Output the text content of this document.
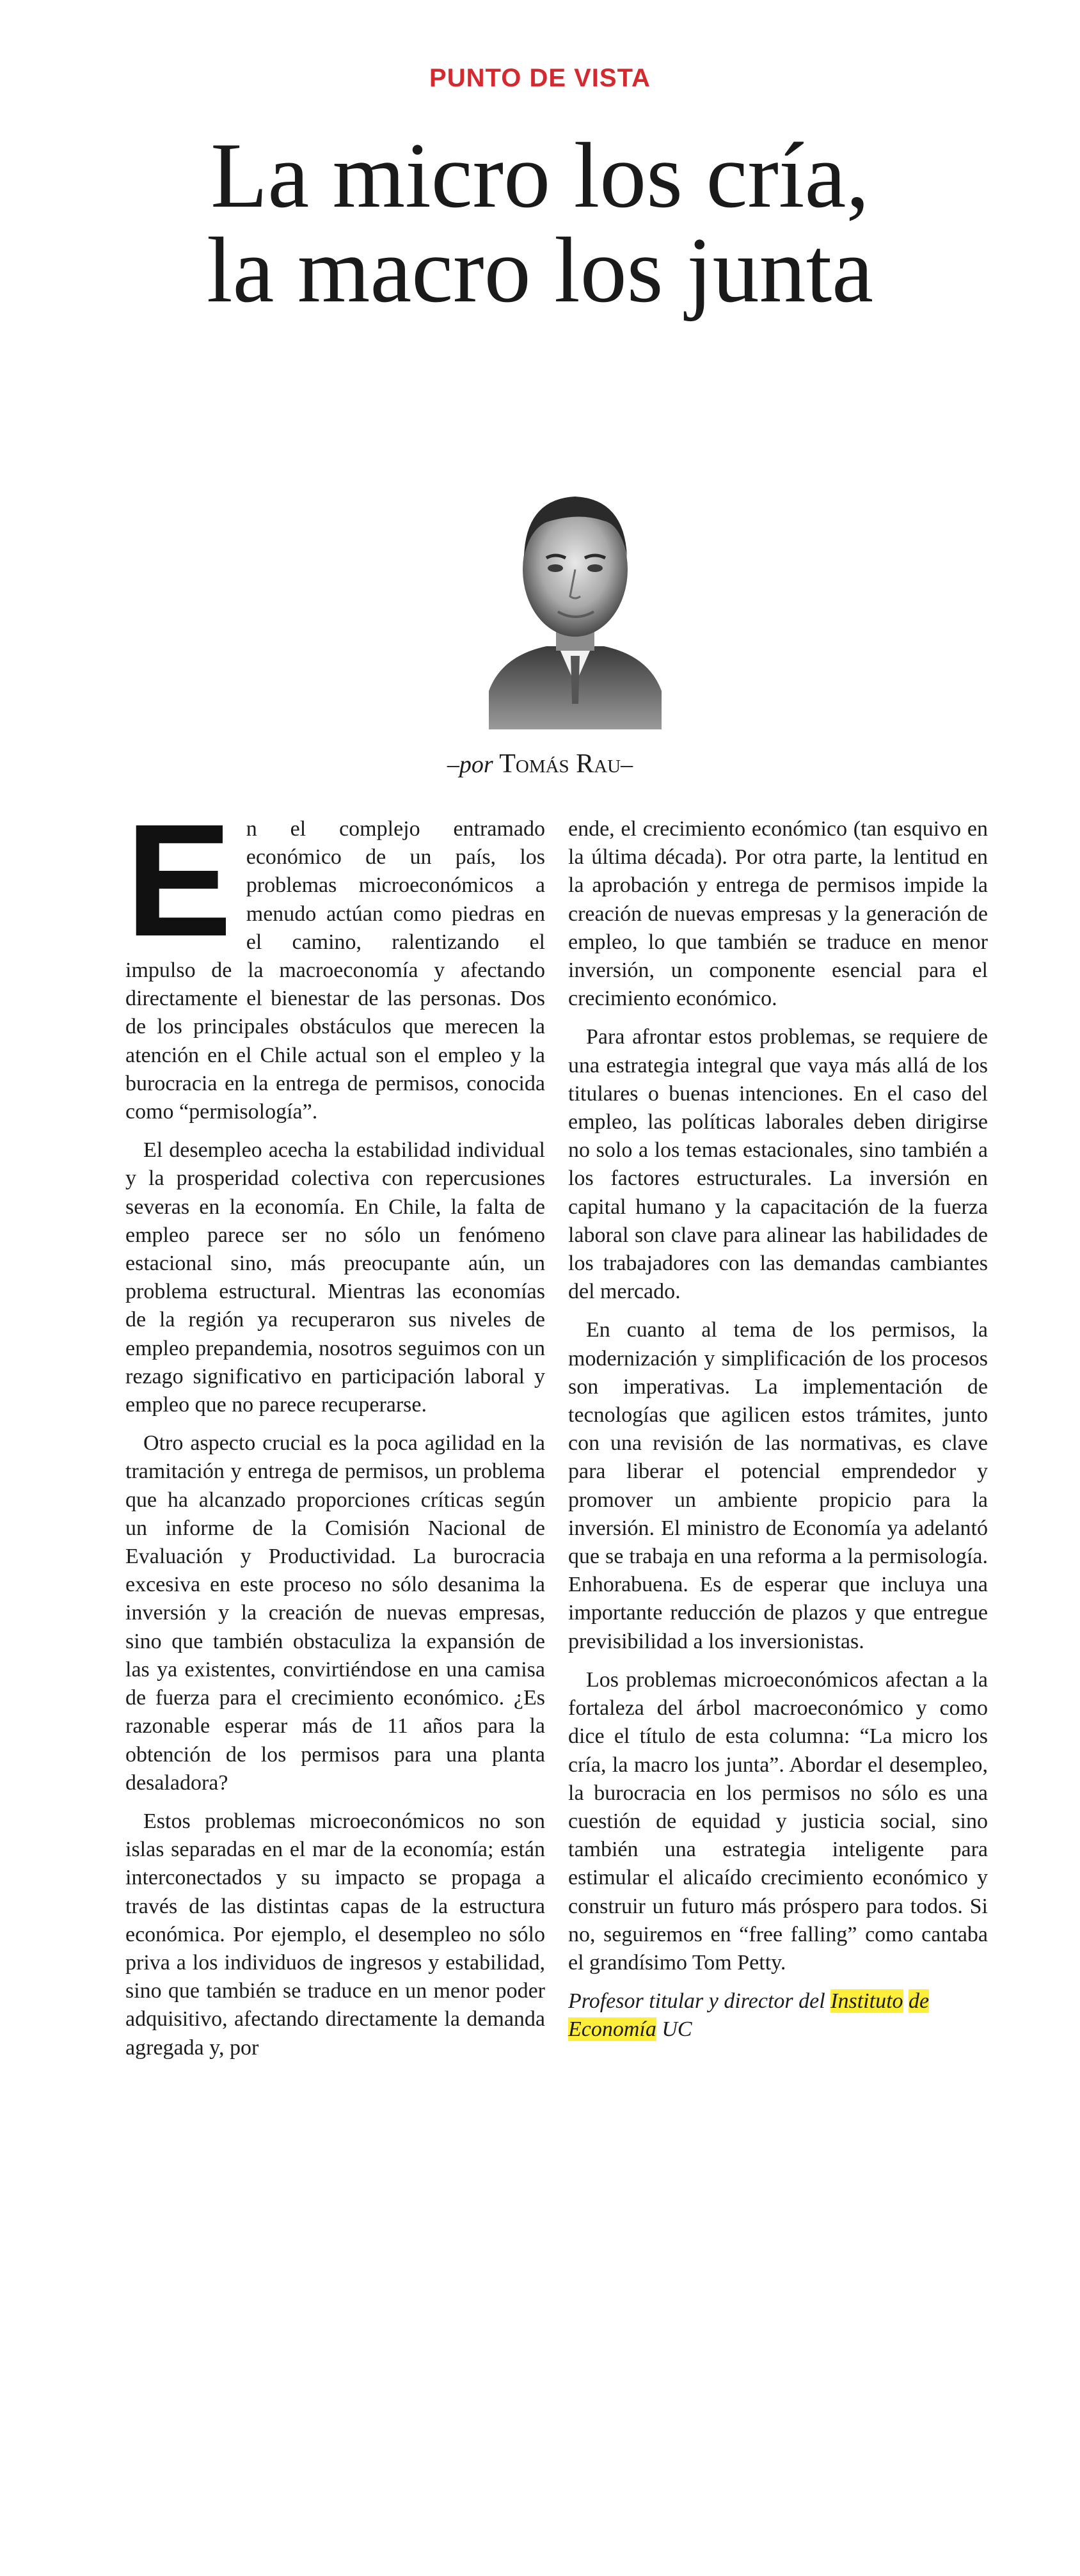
PUNTO DE VISTA
La micro los cría,
la macro los junta
–por Tomás Rau–

En el complejo entramado económico de un país, los problemas microeconómicos a menudo actúan como piedras en el camino, ralentizando el impulso de la macroeconomía y afectando directamente el bienestar de las personas. Dos de los principales obstáculos que merecen la atención en el Chile actual son el empleo y la burocracia en la entrega de permisos, conocida como “permisología”.

El desempleo acecha la estabilidad individual y la prosperidad colectiva con repercusiones severas en la economía. En Chile, la falta de empleo parece ser no sólo un fenómeno estacional sino, más preocupante aún, un problema estructural. Mientras las economías de la región ya recuperaron sus niveles de empleo prepandemia, nosotros seguimos con un rezago significativo en participación laboral y empleo que no parece recuperarse.

Otro aspecto crucial es la poca agilidad en la tramitación y entrega de permisos, un problema que ha alcanzado proporciones críticas según un informe de la Comisión Nacional de Evaluación y Productividad. La burocracia excesiva en este proceso no sólo desanima la inversión y la creación de nuevas empresas, sino que también obstaculiza la expansión de las ya existentes, convirtiéndose en una camisa de fuerza para el crecimiento económico. ¿Es razonable esperar más de 11 años para la obtención de los permisos para una planta desaladora?

Estos problemas microeconómicos no son islas separadas en el mar de la economía; están interconectados y su impacto se propaga a través de las distintas capas de la estructura económica. Por ejemplo, el desempleo no sólo priva a los individuos de ingresos y estabilidad, sino que también se traduce en un menor poder adquisitivo, afectando directamente la demanda agregada y, por

ende, el crecimiento económico (tan esquivo en la última década). Por otra parte, la lentitud en la aprobación y entrega de permisos impide la creación de nuevas empresas y la generación de empleo, lo que también se traduce en menor inversión, un componente esencial para el crecimiento económico.

Para afrontar estos problemas, se requiere de una estrategia integral que vaya más allá de los titulares o buenas intenciones. En el caso del empleo, las políticas laborales deben dirigirse no solo a los temas estacionales, sino también a los factores estructurales. La inversión en capital humano y la capacitación de la fuerza laboral son clave para alinear las habilidades de los trabajadores con las demandas cambiantes del mercado.

En cuanto al tema de los permisos, la modernización y simplificación de los procesos son imperativas. La implementación de tecnologías que agilicen estos trámites, junto con una revisión de las normativas, es clave para liberar el potencial emprendedor y promover un ambiente propicio para la inversión. El ministro de Economía ya adelantó que se trabaja en una reforma a la permisología. Enhorabuena. Es de esperar que incluya una importante reducción de plazos y que entregue previsibilidad a los inversionistas.

Los problemas microeconómicos afectan a la fortaleza del árbol macroeconómico y como dice el título de esta columna: “La micro los cría, la macro los junta”. Abordar el desempleo, la burocracia en los permisos no sólo es una cuestión de equidad y justicia social, sino también una estrategia inteligente para estimular el alicaído crecimiento económico y construir un futuro más próspero para todos. Si no, seguiremos en “free falling” como cantaba el grandísimo Tom Petty.

Profesor titular y director del Instituto de Economía UC
